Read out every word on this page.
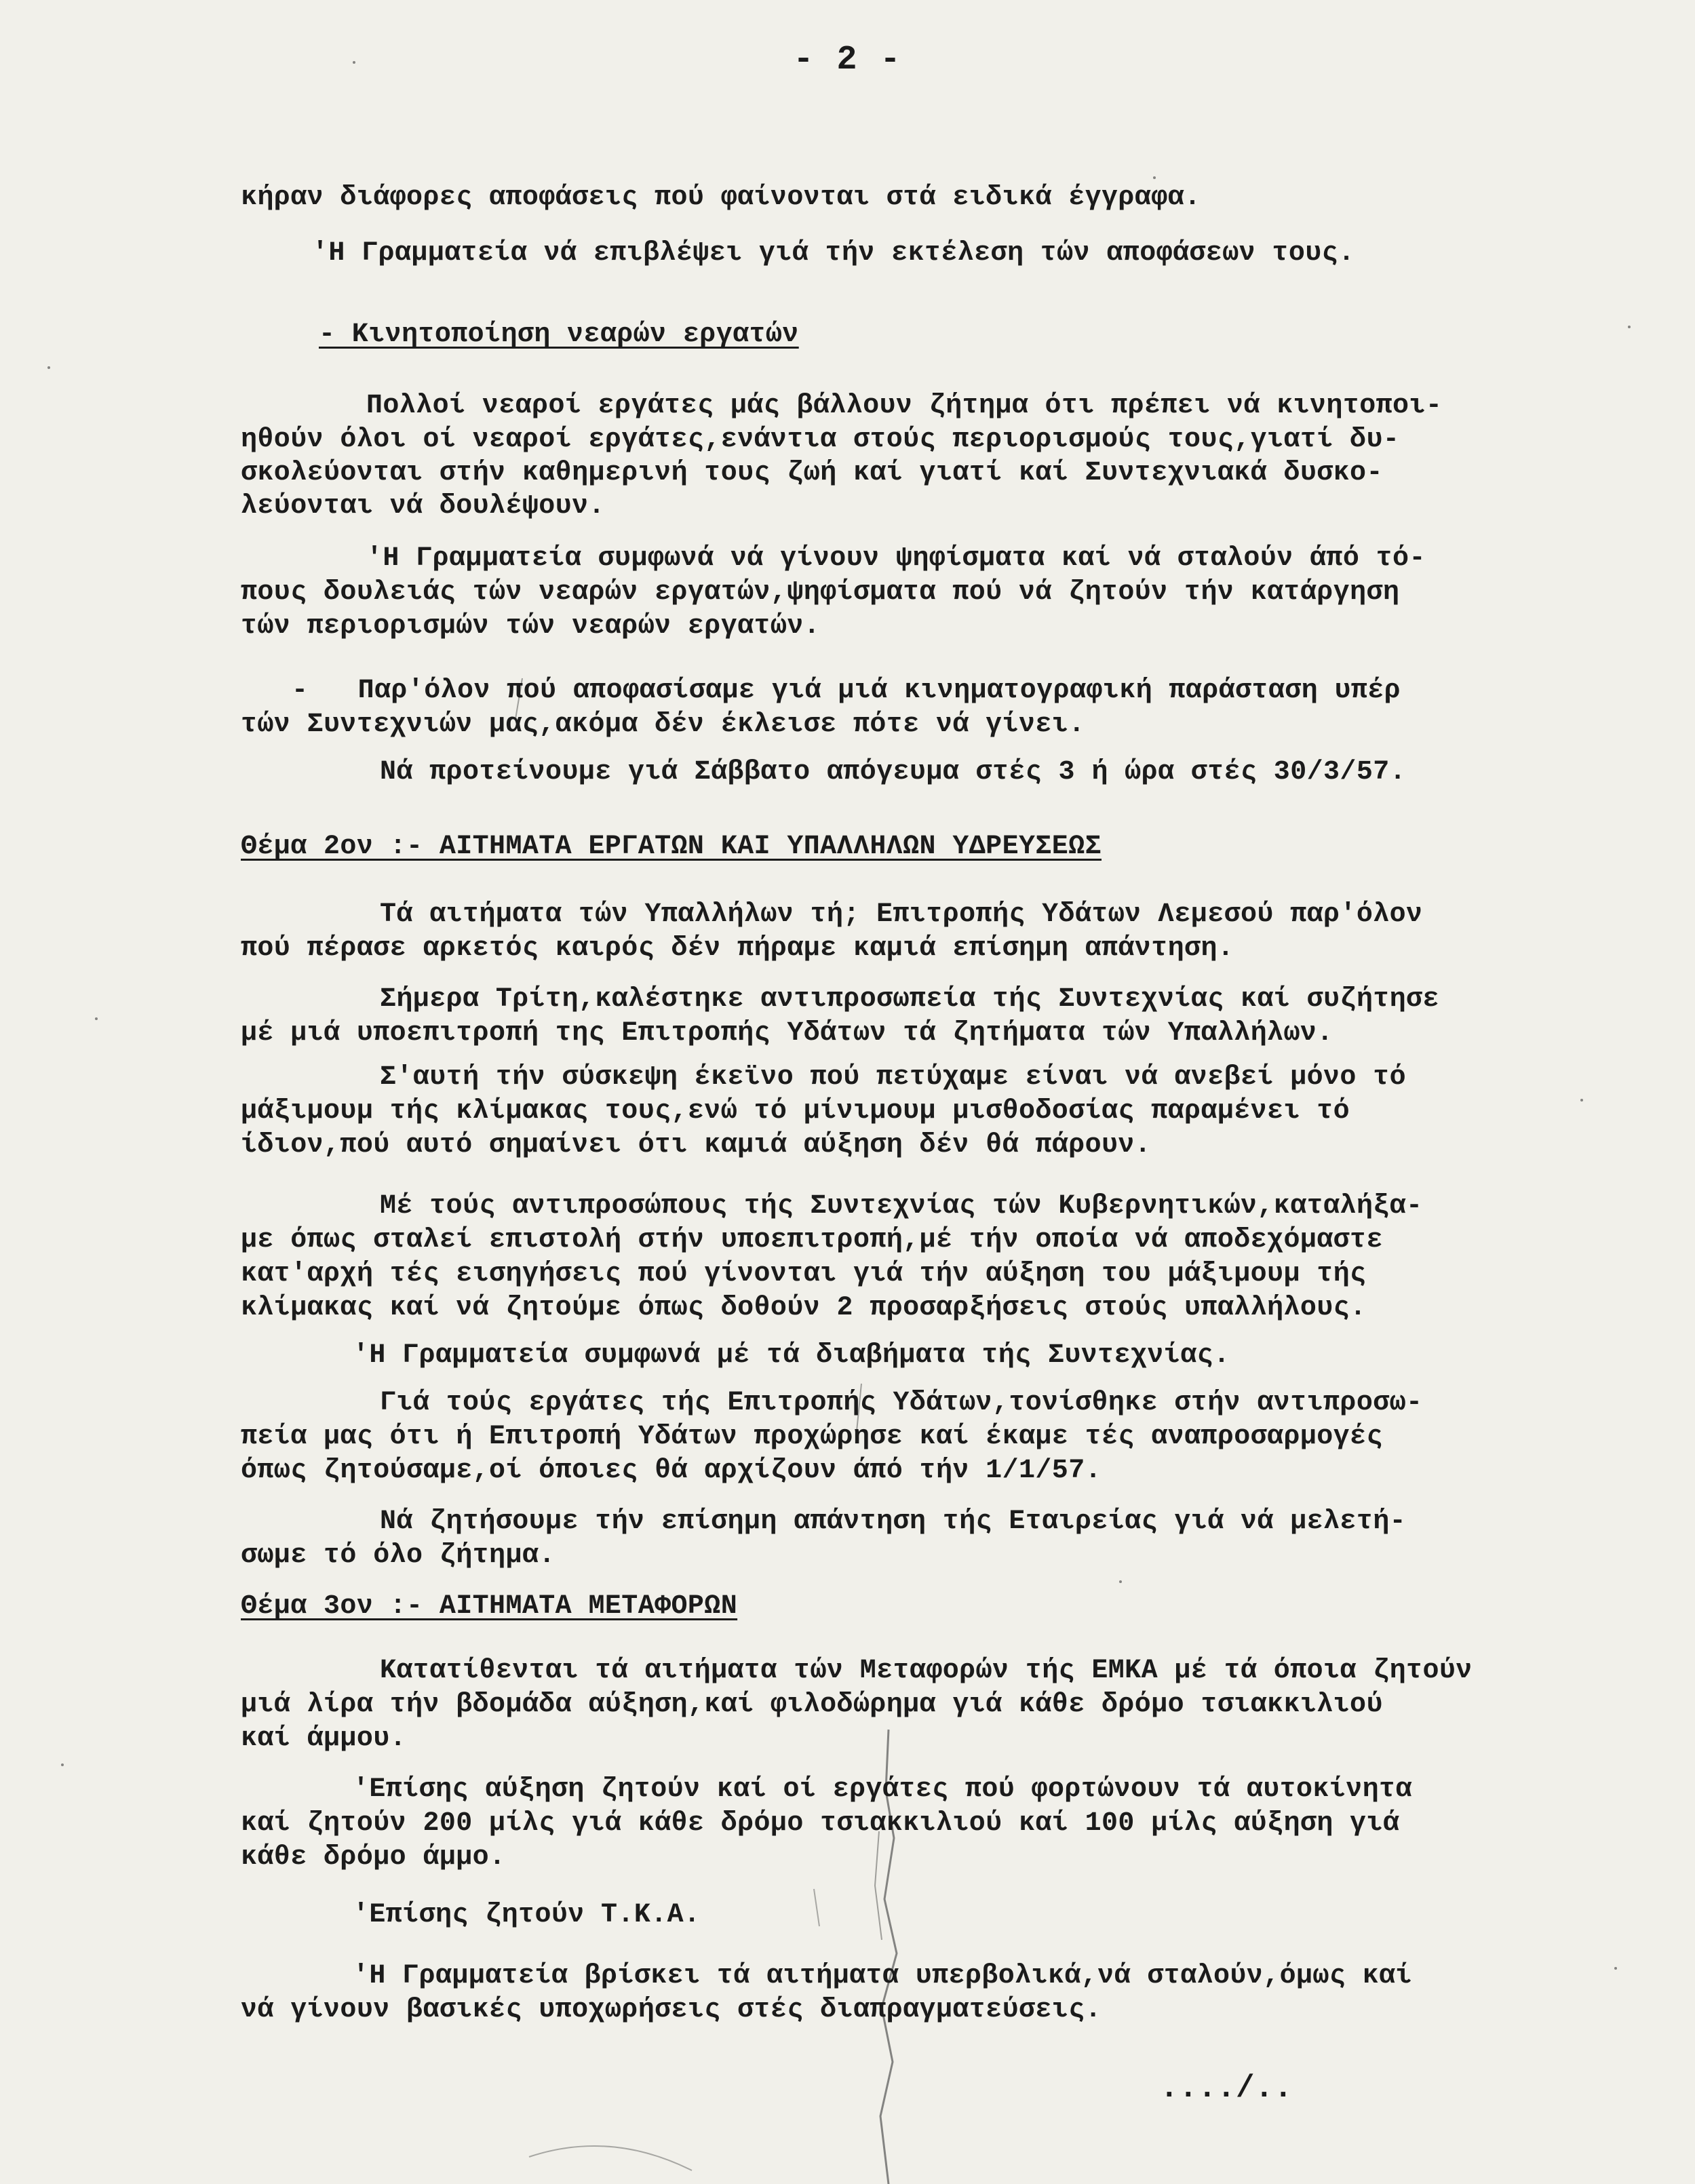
- 2 -
κήραν διάφορες αποφάσεις πού φαίνονται στά ειδικά έγγραφα.
'Η Γραμματεία νά επιβλέψει γιά τήν εκτέλεση τών αποφάσεων τους.
- Κινητοποίηση νεαρών εργατών
Πολλοί νεαροί εργάτες μάς βάλλουν ζήτημα ότι πρέπει νά κινητοποι-
ηθούν όλοι οί νεαροί εργάτες,ενάντια στούς περιορισμούς τους,γιατί δυ-
σκολεύονται στήν καθημερινή τους ζωή καί γιατί καί Συντεχνιακά δυσκο-
λεύονται νά δουλέψουν.
'Η Γραμματεία συμφωνά νά γίνουν ψηφίσματα καί νά σταλούν άπό τό-
πους δουλειάς τών νεαρών εργατών,ψηφίσματα πού νά ζητούν τήν κατάργηση
τών περιορισμών τών νεαρών εργατών.
-   Παρ'όλον πού αποφασίσαμε γιά μιά κινηματογραφική παράσταση υπέρ
τών Συντεχνιών μας,ακόμα δέν έκλεισε πότε νά γίνει.
Νά προτείνουμε γιά Σάββατο απόγευμα στές 3 ή ώρα στές 30/3/57.
Θέμα 2ον :- ΑΙΤΗΜΑΤΑ ΕΡΓΑΤΩΝ ΚΑΙ ΥΠΑΛΛΗΛΩΝ ΥΔΡΕΥΣΕΩΣ
Τά αιτήματα τών Υπαλλήλων τή; Επιτροπής Υδάτων Λεμεσού παρ'όλον
πού πέρασε αρκετός καιρός δέν πήραμε καμιά επίσημη απάντηση.
Σήμερα Τρίτη,καλέστηκε αντιπροσωπεία τής Συντεχνίας καί συζήτησε
μέ μιά υποεπιτροπή της Επιτροπής Υδάτων τά ζητήματα τών Υπαλλήλων.
Σ'αυτή τήν σύσκεψη έκεϊνο πού πετύχαμε είναι νά ανεβεί μόνο τό
μάξιμουμ τής κλίμακας τους,ενώ τό μίνιμουμ μισθοδοσίας παραμένει τό
ίδιον,πού αυτό σημαίνει ότι καμιά αύξηση δέν θά πάρουν.
Μέ τούς αντιπροσώπους τής Συντεχνίας τών Κυβερνητικών,καταλήξα-
με όπως σταλεί επιστολή στήν υποεπιτροπή,μέ τήν οποία νά αποδεχόμαστε
κατ'αρχή τές εισηγήσεις πού γίνονται γιά τήν αύξηση του μάξιμουμ τής
κλίμακας καί νά ζητούμε όπως δοθούν 2 προσαρξήσεις στούς υπαλλήλους.
'Η Γραμματεία συμφωνά μέ τά διαβήματα τής Συντεχνίας.
Γιά τούς εργάτες τής Επιτροπής Υδάτων,τονίσθηκε στήν αντιπροσω-
πεία μας ότι ή Επιτροπή Υδάτων προχώρησε καί έκαμε τές αναπροσαρμογές
όπως ζητούσαμε,οί όποιες θά αρχίζουν άπό τήν 1/1/57.
Νά ζητήσουμε τήν επίσημη απάντηση τής Εταιρείας γιά νά μελετή-
σωμε τό όλο ζήτημα.
Θέμα 3ον :- ΑΙΤΗΜΑΤΑ ΜΕΤΑΦΟΡΩΝ
Κατατίθενται τά αιτήματα τών Μεταφορών τής ΕΜΚΑ μέ τά όποια ζητούν
μιά λίρα τήν βδομάδα αύξηση,καί φιλοδώρημα γιά κάθε δρόμο τσιακκιλιού
καί άμμου.
'Επίσης αύξηση ζητούν καί οί εργάτες πού φορτώνουν τά αυτοκίνητα
καί ζητούν 200 μίλς γιά κάθε δρόμο τσιακκιλιού καί 100 μίλς αύξηση γιά
κάθε δρόμο άμμο.
'Επίσης ζητούν Τ.Κ.Α.
'Η Γραμματεία βρίσκει τά αιτήματα υπερβολικά,νά σταλούν,όμως καί
νά γίνουν βασικές υποχωρήσεις στές διαπραγματεύσεις.
..../..
